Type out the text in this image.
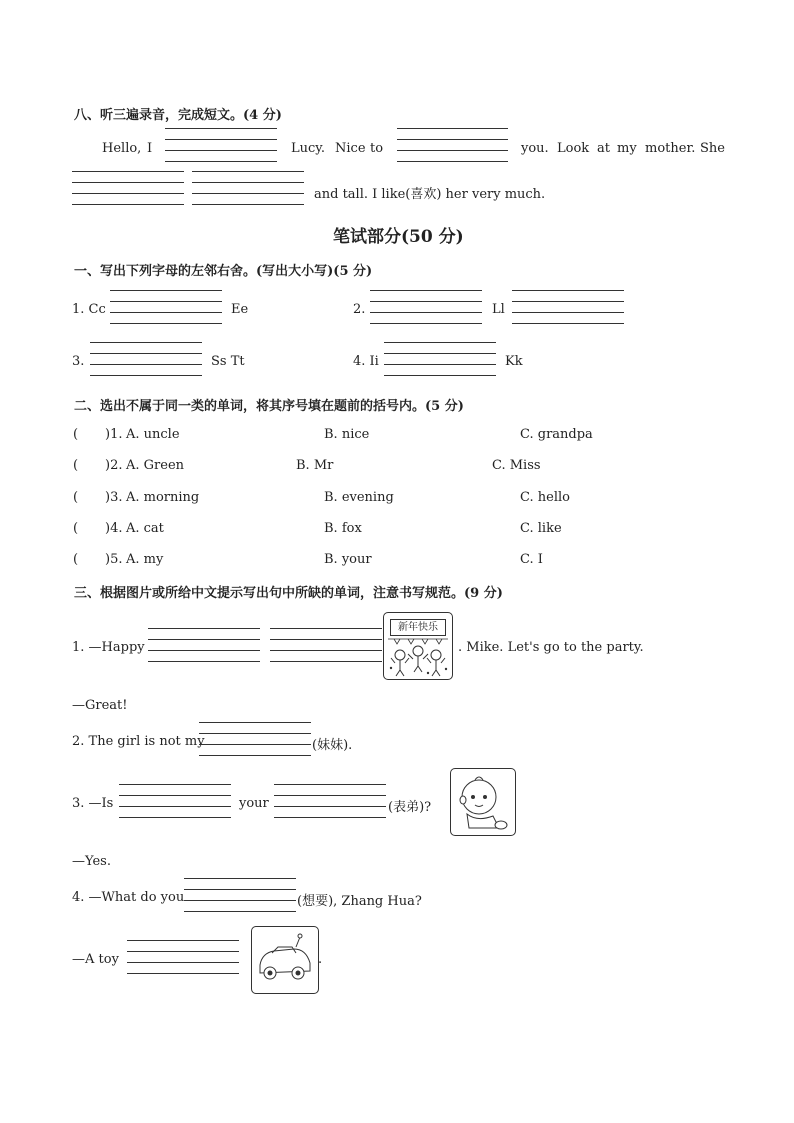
八、听三遍录音，完成短文。(4 分)
Hello, I	Lucy. Nice to	you. Look at my mother. She
and tall. I like(喜欢) her very much.
笔试部分(50 分)
一、写出下列字母的左邻右舍。(写出大小写)(5 分)
1. Cc	Ee	2.	Ll
3.	Ss Tt	4. Ii	Kk
二、选出不属于同一类的单词，将其序号填在题前的括号内。(5 分)
( )1. A. uncle	B. nice	C. grandpa
( )2. A. Green	B. Mr	C. Miss
( )3. A. morning	B. evening	C. hello
( )4. A. cat	B. fox	C. like
( )5. A. my	B. your	C. I
三、根据图片或所给中文提示写出句中所缺的单词，注意书写规范。(9 分)
1. —Happy
新年快乐
. Mike. Let's go to the party.
—Great!
2. The girl is not my	(妹妹).
3. —Is	your	(表弟)?
—Yes.
4. —What do you	(想要), Zhang Hua?
—A toy	.
